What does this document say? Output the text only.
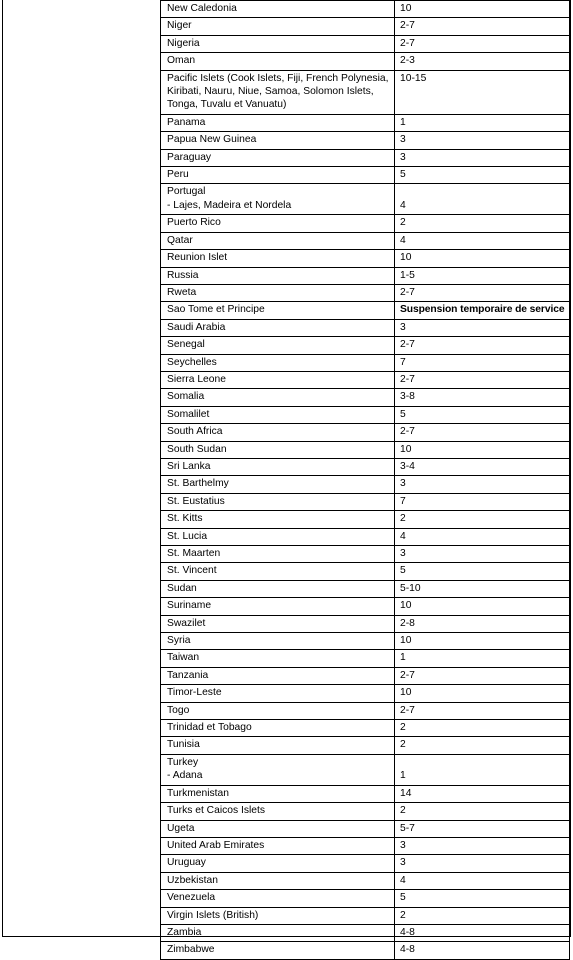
New Caledonia	10
Niger	2-7
Nigeria	2-7
Oman	2-3
Pacific Islets (Cook Islets, Fiji, French Polynesia, Kiribati, Nauru, Niue, Samoa, Solomon Islets, Tonga, Tuvalu et Vanuatu)	10-15
Panama	1
Papua New Guinea	3
Paraguay	3
Peru	5
Portugal
- Lajes, Madeira et Nordela	4
Puerto Rico	2
Qatar	4
Reunion Islet	10
Russia	1-5
Rweta	2-7
Sao Tome et Principe	Suspension temporaire de service
Saudi Arabia	3
Senegal	2-7
Seychelles	7
Sierra Leone	2-7
Somalia	3-8
Somalilet	5
South Africa	2-7
South Sudan	10
Sri Lanka	3-4
St. Barthelmy	3
St. Eustatius	7
St. Kitts	2
St. Lucia	4
St. Maarten	3
St. Vincent	5
Sudan	5-10
Suriname	10
Swazilet	2-8
Syria	10
Taiwan	1
Tanzania	2-7
Timor-Leste	10
Togo	2-7
Trinidad et Tobago	2
Tunisia	2
Turkey
- Adana	1
Turkmenistan	14
Turks et Caicos Islets	2
Ugeta	5-7
United Arab Emirates	3
Uruguay	3
Uzbekistan	4
Venezuela	5
Virgin Islets (British)	2
Zambia	4-8
Zimbabwe	4-8
